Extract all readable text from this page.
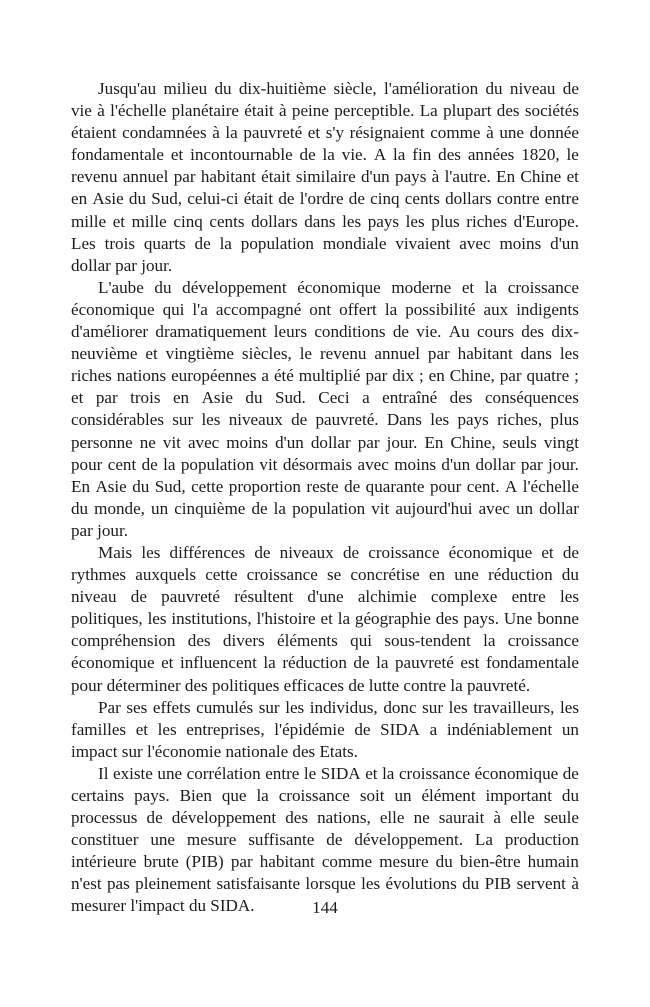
Jusqu'au milieu du dix-huitième siècle, l'amélioration du niveau de
vie à l'échelle planétaire était à peine perceptible. La plupart des sociétés
étaient condamnées à la pauvreté et s'y résignaient comme à une donnée
fondamentale et incontournable de la vie. A la fin des années 1820, le
revenu annuel par habitant était similaire d'un pays à l'autre. En Chine et
en Asie du Sud, celui-ci était de l'ordre de cinq cents dollars contre entre
mille et mille cinq cents dollars dans les pays les plus riches d'Europe.
Les trois quarts de la population mondiale vivaient avec moins d'un
dollar par jour.

L'aube du développement économique moderne et la croissance
économique qui l'a accompagné ont offert la possibilité aux indigents
d'améliorer dramatiquement leurs conditions de vie. Au cours des dix-
neuvième et vingtième siècles, le revenu annuel par habitant dans les
riches nations européennes a été multiplié par dix ; en Chine, par quatre ;
et par trois en Asie du Sud. Ceci a entraîné des conséquences
considérables sur les niveaux de pauvreté. Dans les pays riches, plus
personne ne vit avec moins d'un dollar par jour. En Chine, seuls vingt
pour cent de la population vit désormais avec moins d'un dollar par jour.
En Asie du Sud, cette proportion reste de quarante pour cent. A l'échelle
du monde, un cinquième de la population vit aujourd'hui avec un dollar
par jour.

Mais les différences de niveaux de croissance économique et de
rythmes auxquels cette croissance se concrétise en une réduction du
niveau de pauvreté résultent d'une alchimie complexe entre les
politiques, les institutions, l'histoire et la géographie des pays. Une bonne
compréhension des divers éléments qui sous-tendent la croissance
économique et influencent la réduction de la pauvreté est fondamentale
pour déterminer des politiques efficaces de lutte contre la pauvreté.

Par ses effets cumulés sur les individus, donc sur les travailleurs, les
familles et les entreprises, l'épidémie de SIDA a indéniablement un
impact sur l'économie nationale des Etats.

Il existe une corrélation entre le SIDA et la croissance économique de
certains pays. Bien que la croissance soit un élément important du
processus de développement des nations, elle ne saurait à elle seule
constituer une mesure suffisante de développement. La production
intérieure brute (PIB) par habitant comme mesure du bien-être humain
n'est pas pleinement satisfaisante lorsque les évolutions du PIB servent à
mesurer l'impact du SIDA.	144
